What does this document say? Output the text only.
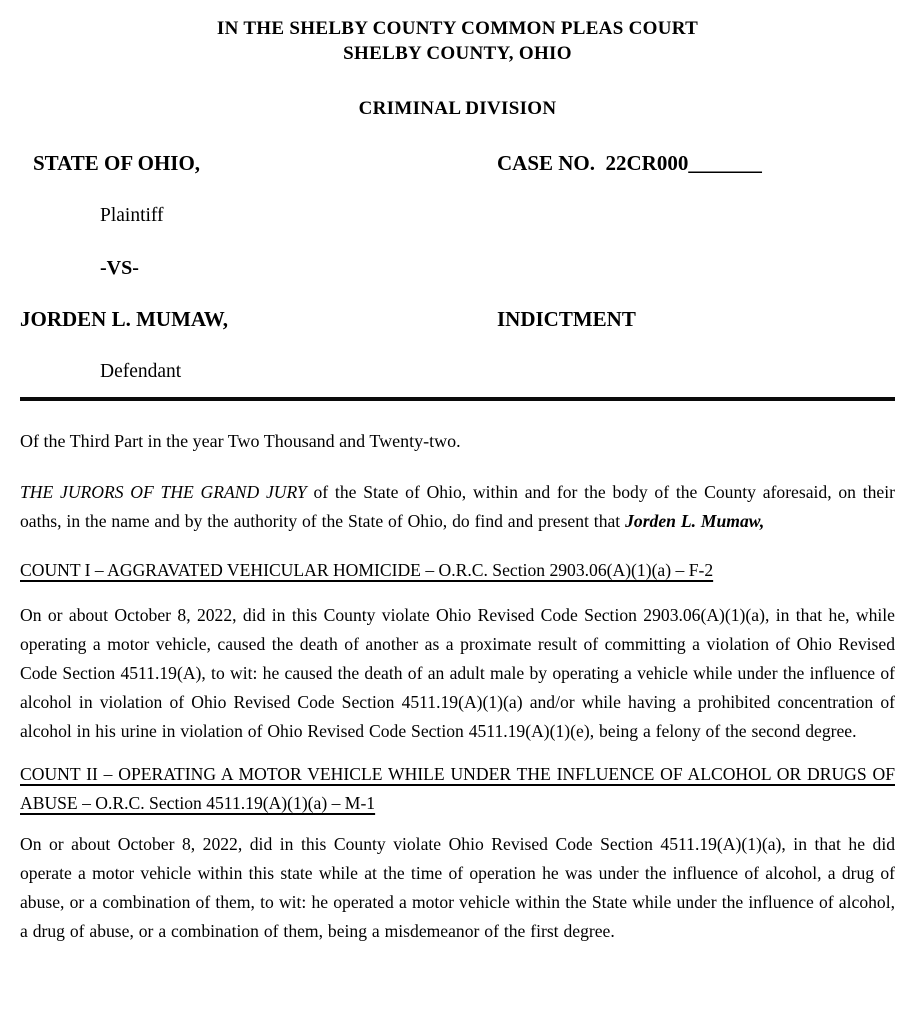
IN THE SHELBY COUNTY COMMON PLEAS COURT
SHELBY COUNTY, OHIO
CRIMINAL DIVISION
STATE OF OHIO,	CASE NO.  22CR000_______
Plaintiff
-VS-
JORDEN L. MUMAW,	INDICTMENT
Defendant

Of the Third Part in the year Two Thousand and Twenty-two.

THE JURORS OF THE GRAND JURY of the State of Ohio, within and for the body of the County aforesaid, on their oaths, in the name and by the authority of the State of Ohio, do find and present that Jorden L. Mumaw,

COUNT I – AGGRAVATED VEHICULAR HOMICIDE – O.R.C. Section 2903.06(A)(1)(a) – F-2

On or about October 8, 2022, did in this County violate Ohio Revised Code Section 2903.06(A)(1)(a), in that he, while operating a motor vehicle, caused the death of another as a proximate result of committing a violation of Ohio Revised Code Section 4511.19(A), to wit: he caused the death of an adult male by operating a vehicle while under the influence of alcohol in violation of Ohio Revised Code Section 4511.19(A)(1)(a) and/or while having a prohibited concentration of alcohol in his urine in violation of Ohio Revised Code Section 4511.19(A)(1)(e), being a felony of the second degree.

COUNT II – OPERATING A MOTOR VEHICLE WHILE UNDER THE INFLUENCE OF ALCOHOL OR DRUGS OF ABUSE – O.R.C. Section 4511.19(A)(1)(a) – M-1

On or about October 8, 2022, did in this County violate Ohio Revised Code Section 4511.19(A)(1)(a), in that he did operate a motor vehicle within this state while at the time of operation he was under the influence of alcohol, a drug of abuse, or a combination of them, to wit: he operated a motor vehicle within the State while under the influence of alcohol, a drug of abuse, or a combination of them, being a misdemeanor of the first degree.
